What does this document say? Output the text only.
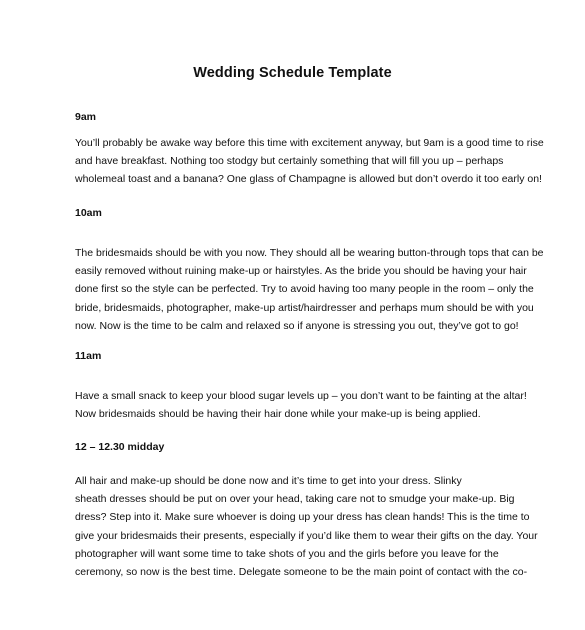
Wedding Schedule Template

9am

You’ll probably be awake way before this time with excitement anyway, but 9am is a good time to rise
and have breakfast. Nothing too stodgy but certainly something that will fill you up – perhaps
wholemeal toast and a banana? One glass of Champagne is allowed but don’t overdo it too early on!

10am

The bridesmaids should be with you now. They should all be wearing button-through tops that can be
easily removed without ruining make-up or hairstyles. As the bride you should be having your hair
done first so the style can be perfected. Try to avoid having too many people in the room – only the
bride, bridesmaids, photographer, make-up artist/hairdresser and perhaps mum should be with you
now. Now is the time to be calm and relaxed so if anyone is stressing you out, they’ve got to go!

11am

Have a small snack to keep your blood sugar levels up – you don’t want to be fainting at the altar!
Now bridesmaids should be having their hair done while your make-up is being applied.

12 – 12.30 midday

All hair and make-up should be done now and it’s time to get into your dress. Slinky
sheath dresses should be put on over your head, taking care not to smudge your make-up. Big
dress? Step into it. Make sure whoever is doing up your dress has clean hands! This is the time to
give your bridesmaids their presents, especially if you’d like them to wear their gifts on the day. Your
photographer will want some time to take shots of you and the girls before you leave for the
ceremony, so now is the best time. Delegate someone to be the main point of contact with the co-
